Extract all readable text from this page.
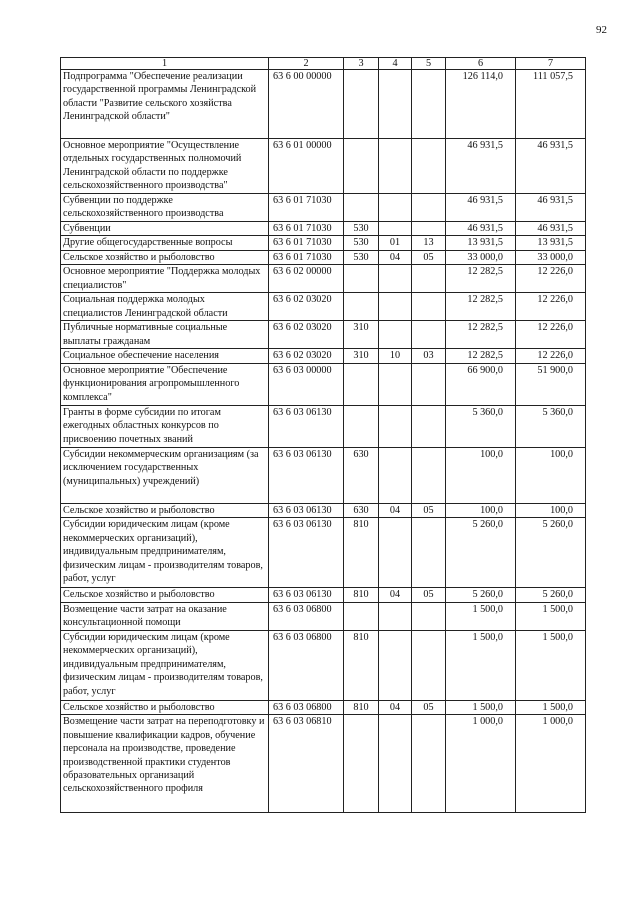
92
1	2	3	4	5	6	7
Подпрограмма "Обеспечение реализации государственной программы Ленинградской области "Развитие сельского хозяйства Ленинградской области"	63 6 00 00000				126 114,0	111 057,5
Основное мероприятие "Осуществление отдельных государственных полномочий Ленинградской области по поддержке сельскохозяйственного производства"	63 6 01 00000				46 931,5	46 931,5
Субвенции по поддержке сельскохозяйственного производства	63 6 01 71030				46 931,5	46 931,5
Субвенции	63 6 01 71030	530			46 931,5	46 931,5
Другие общегосударственные вопросы	63 6 01 71030	530	01	13	13 931,5	13 931,5
Сельское хозяйство и рыболовство	63 6 01 71030	530	04	05	33 000,0	33 000,0
Основное мероприятие "Поддержка молодых специалистов"	63 6 02 00000				12 282,5	12 226,0
Социальная поддержка молодых специалистов Ленинградской области	63 6 02 03020				12 282,5	12 226,0
Публичные нормативные социальные выплаты гражданам	63 6 02 03020	310			12 282,5	12 226,0
Социальное обеспечение населения	63 6 02 03020	310	10	03	12 282,5	12 226,0
Основное мероприятие "Обеспечение функционирования агропромышленного комплекса"	63 6 03 00000				66 900,0	51 900,0
Гранты в форме субсидии по итогам ежегодных областных конкурсов по присвоению почетных званий	63 6 03 06130				5 360,0	5 360,0
Субсидии некоммерческим организациям (за исключением государственных (муниципальных) учреждений)	63 6 03 06130	630			100,0	100,0
Сельское хозяйство и рыболовство	63 6 03 06130	630	04	05	100,0	100,0
Субсидии юридическим лицам (кроме некоммерческих организаций), индивидуальным предпринимателям, физическим лицам - производителям товаров, работ, услуг	63 6 03 06130	810			5 260,0	5 260,0
Сельское хозяйство и рыболовство	63 6 03 06130	810	04	05	5 260,0	5 260,0
Возмещение части затрат на оказание консультационной помощи	63 6 03 06800				1 500,0	1 500,0
Субсидии юридическим лицам (кроме некоммерческих организаций), индивидуальным предпринимателям, физическим лицам - производителям товаров, работ, услуг	63 6 03 06800	810			1 500,0	1 500,0
Сельское хозяйство и рыболовство	63 6 03 06800	810	04	05	1 500,0	1 500,0
Возмещение части затрат на переподготовку и повышение квалификации кадров, обучение персонала на производстве, проведение производственной практики студентов образовательных организаций сельскохозяйственного профиля	63 6 03 06810				1 000,0	1 000,0
